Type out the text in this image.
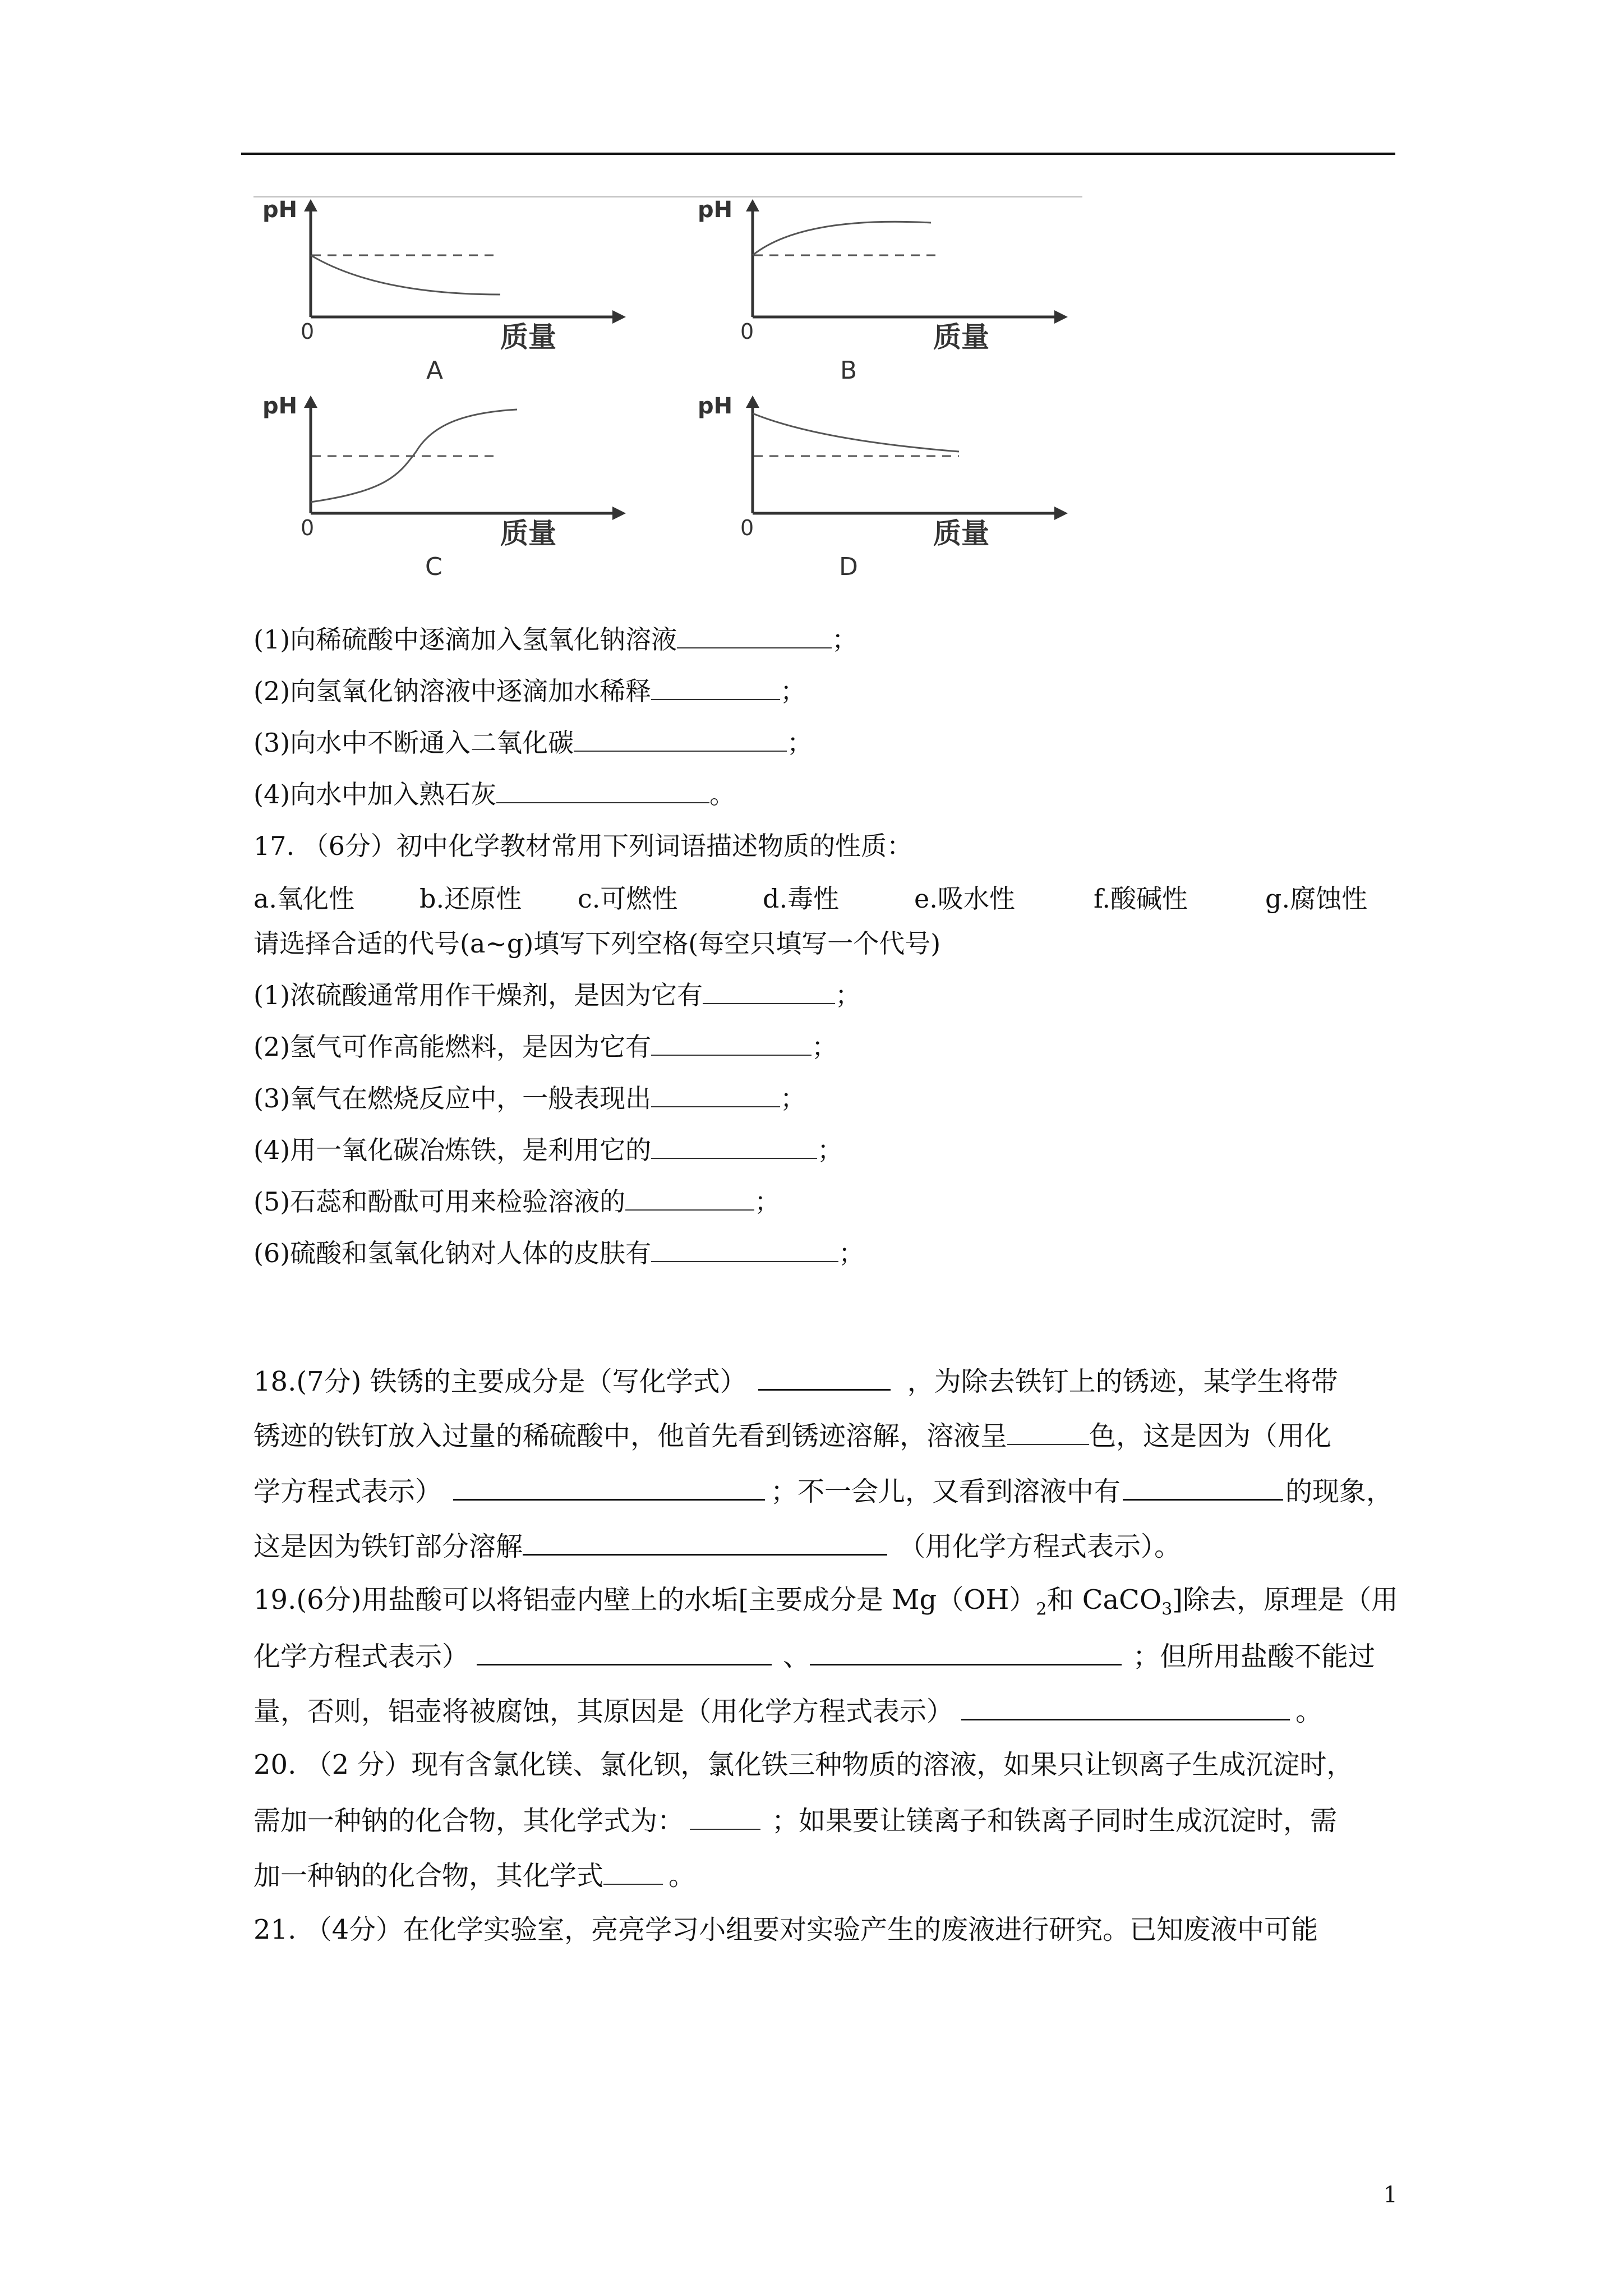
pH
0	质量
A
pH
0	质量
B
pH
0	质量
C
pH
0	质量
D
(1)向稀硫酸中逐滴加入氢氧化钠溶液	；
(2)向氢氧化钠溶液中逐滴加水稀释	；
(3)向水中不断通入二氧化碳	；
(4)向水中加入熟石灰	。
17. （6分）初中化学教材常用下列词语描述物质的性质：
a.氧化性	b.还原性 c.可燃性	d.毒性	e.吸水性	f.酸碱性	g.腐蚀性
请选择合适的代号(a~g)填写下列空格(每空只填写一个代号)
(1)浓硫酸通常用作干燥剂，是因为它有	；
(2)氢气可作高能燃料，是因为它有	；
(3)氧气在燃烧反应中，一般表现出	；
(4)用一氧化碳冶炼铁，是利用它的	；
(5)石蕊和酚酞可用来检验溶液的	；
(6)硫酸和氢氧化钠对人体的皮肤有	；
18.(7分) 铁锈的主要成分是（写化学式）	，为除去铁钉上的锈迹，某学生将带
锈迹的铁钉放入过量的稀硫酸中，他首先看到锈迹溶解，溶液呈	色，这是因为（用化
学方程式表示）	；不一会儿，又看到溶液中有	的现象，
这是因为铁钉部分溶解	（用化学方程式表示）。
19.(6分)用盐酸可以将铝壶内壁上的水垢[主要成分是 $Mg(OH)_2$和 CaCO$_3$]除去，原理是（用
化学方程式表示）	、	；但所用盐酸不能过
量，否则，铝壶将被腐蚀，其原因是（用化学方程式表示）	。
20. （2 分）现有含氯化镁、氯化钡，氯化铁三种物质的溶液，如果只让钡离子生成沉淀时，
需加一种钠的化合物，其化学式为：	；如果要让镁离子和铁离子同时生成沉淀时，需
加一种钠的化合物，其化学式 。
21. （4分）在化学实验室，亮亮学习小组要对实验产生的废液进行研究。已知废液中可能
1
